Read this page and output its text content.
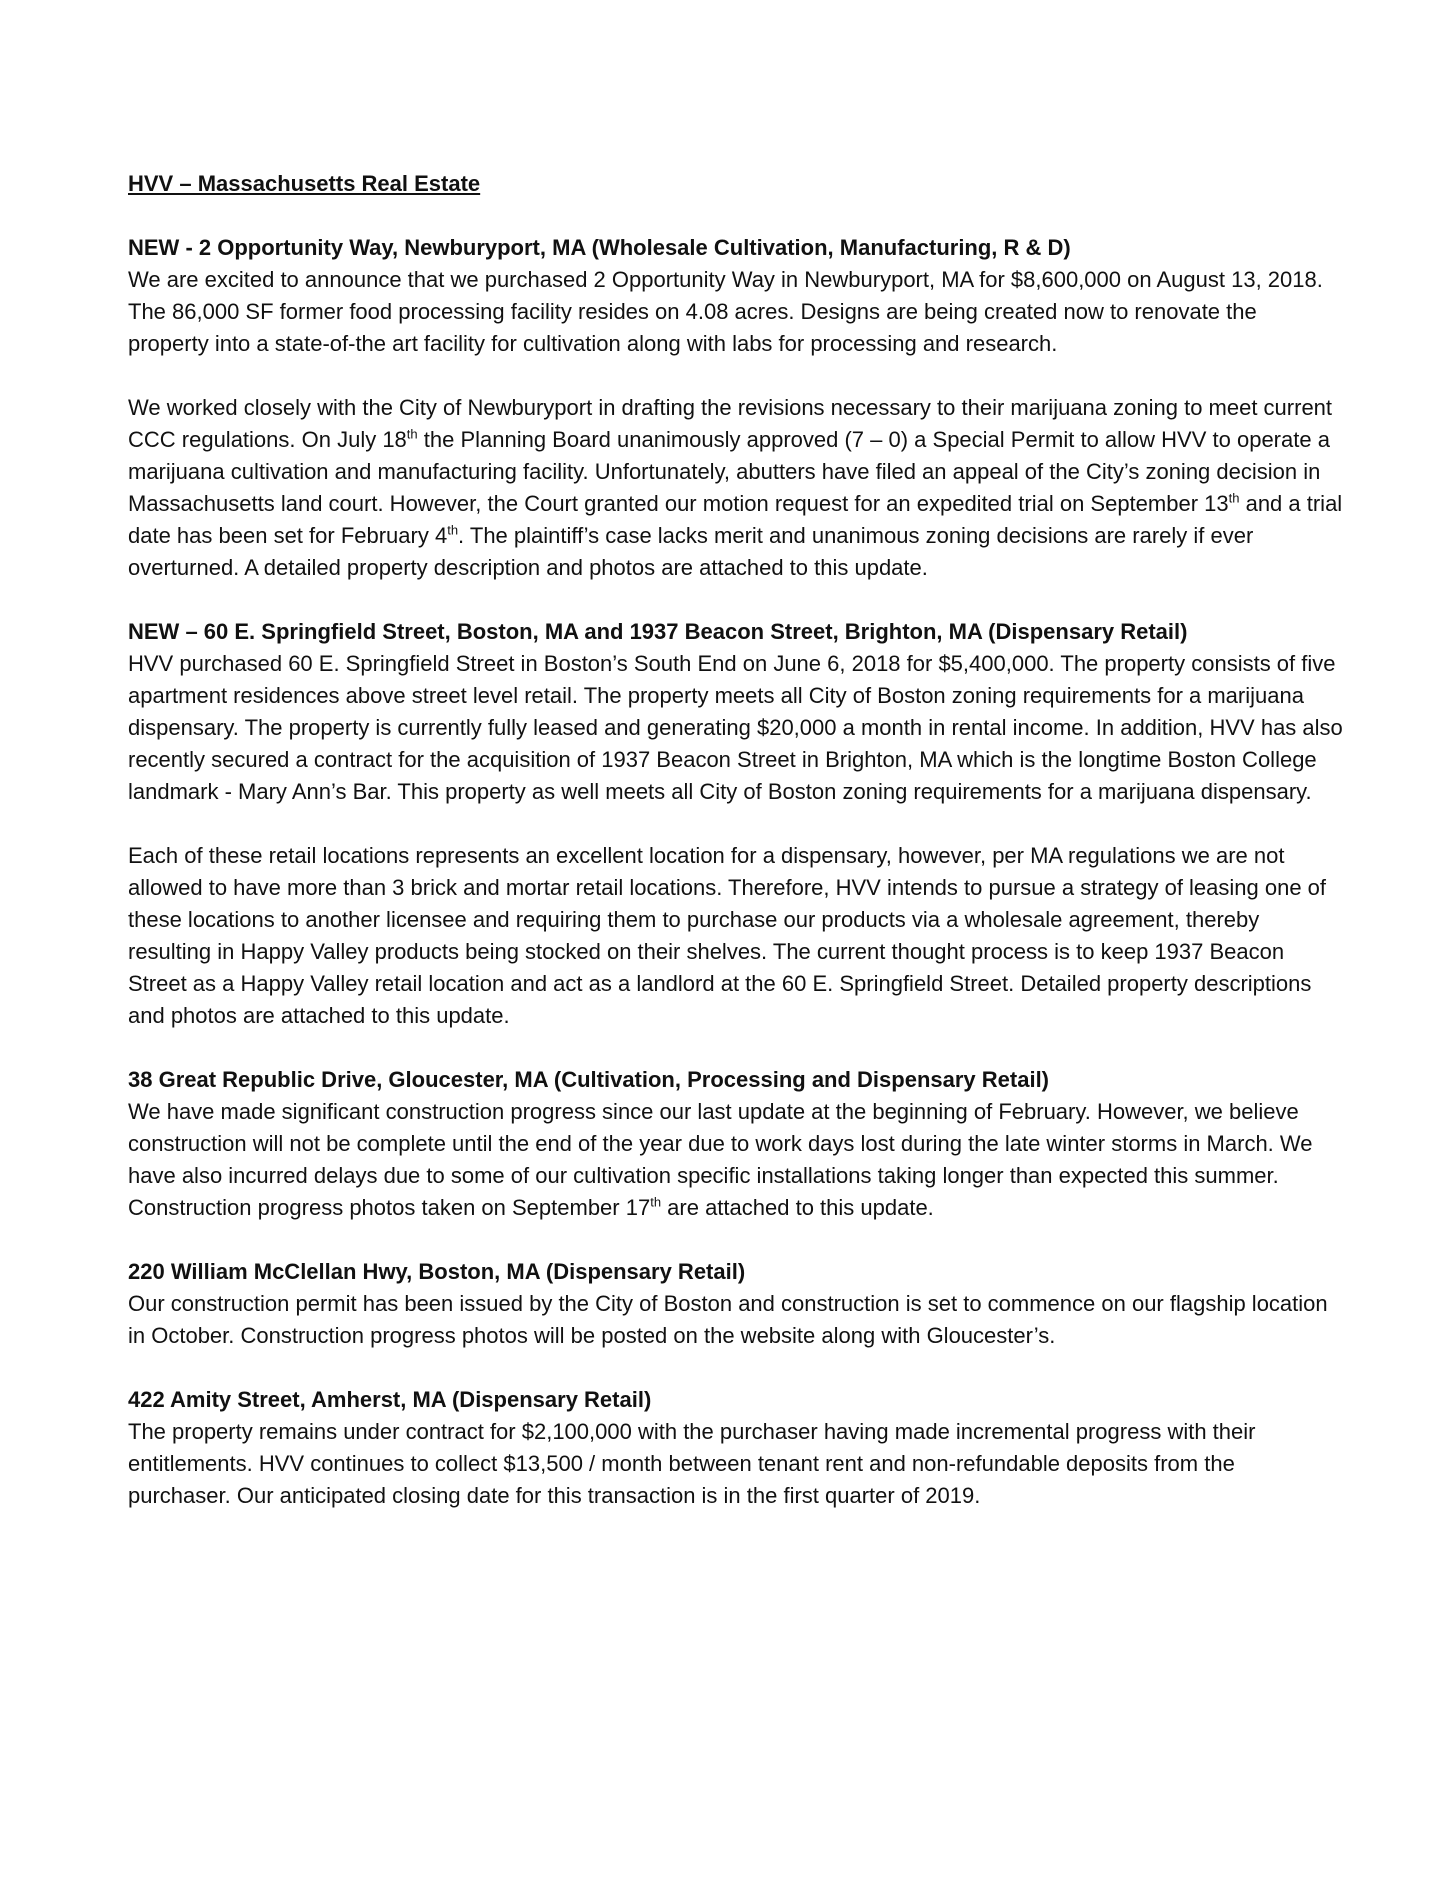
HVV – Massachusetts Real Estate
NEW - 2 Opportunity Way, Newburyport, MA (Wholesale Cultivation, Manufacturing, R & D)

We are excited to announce that we purchased 2 Opportunity Way in Newburyport, MA for $8,600,000 on August 13, 2018. The 86,000 SF former food processing facility resides on 4.08 acres. Designs are being created now to renovate the property into a state-of-the art facility for cultivation along with labs for processing and research.

We worked closely with the City of Newburyport in drafting the revisions necessary to their marijuana zoning to meet current CCC regulations. On July 18th the Planning Board unanimously approved (7 – 0) a Special Permit to allow HVV to operate a marijuana cultivation and manufacturing facility. Unfortunately, abutters have filed an appeal of the City’s zoning decision in Massachusetts land court. However, the Court granted our motion request for an expedited trial on September 13th and a trial date has been set for February 4th. The plaintiff’s case lacks merit and unanimous zoning decisions are rarely if ever overturned. A detailed property description and photos are attached to this update.

NEW – 60 E. Springfield Street, Boston, MA and 1937 Beacon Street, Brighton, MA (Dispensary Retail)

HVV purchased 60 E. Springfield Street in Boston’s South End on June 6, 2018 for $5,400,000. The property consists of five apartment residences above street level retail. The property meets all City of Boston zoning requirements for a marijuana dispensary. The property is currently fully leased and generating $20,000 a month in rental income. In addition, HVV has also recently secured a contract for the acquisition of 1937 Beacon Street in Brighton, MA which is the longtime Boston College landmark - Mary Ann’s Bar. This property as well meets all City of Boston zoning requirements for a marijuana dispensary.

Each of these retail locations represents an excellent location for a dispensary, however, per MA regulations we are not allowed to have more than 3 brick and mortar retail locations. Therefore, HVV intends to pursue a strategy of leasing one of these locations to another licensee and requiring them to purchase our products via a wholesale agreement, thereby resulting in Happy Valley products being stocked on their shelves. The current thought process is to keep 1937 Beacon Street as a Happy Valley retail location and act as a landlord at the 60 E. Springfield Street. Detailed property descriptions and photos are attached to this update.

38 Great Republic Drive, Gloucester, MA (Cultivation, Processing and Dispensary Retail)

We have made significant construction progress since our last update at the beginning of February. However, we believe construction will not be complete until the end of the year due to work days lost during the late winter storms in March. We have also incurred delays due to some of our cultivation specific installations taking longer than expected this summer. Construction progress photos taken on September 17th are attached to this update.

220 William McClellan Hwy, Boston, MA (Dispensary Retail)

Our construction permit has been issued by the City of Boston and construction is set to commence on our flagship location in October. Construction progress photos will be posted on the website along with Gloucester’s.

422 Amity Street, Amherst, MA (Dispensary Retail)

The property remains under contract for $2,100,000 with the purchaser having made incremental progress with their entitlements. HVV continues to collect $13,500 / month between tenant rent and non-refundable deposits from the purchaser. Our anticipated closing date for this transaction is in the first quarter of 2019.
